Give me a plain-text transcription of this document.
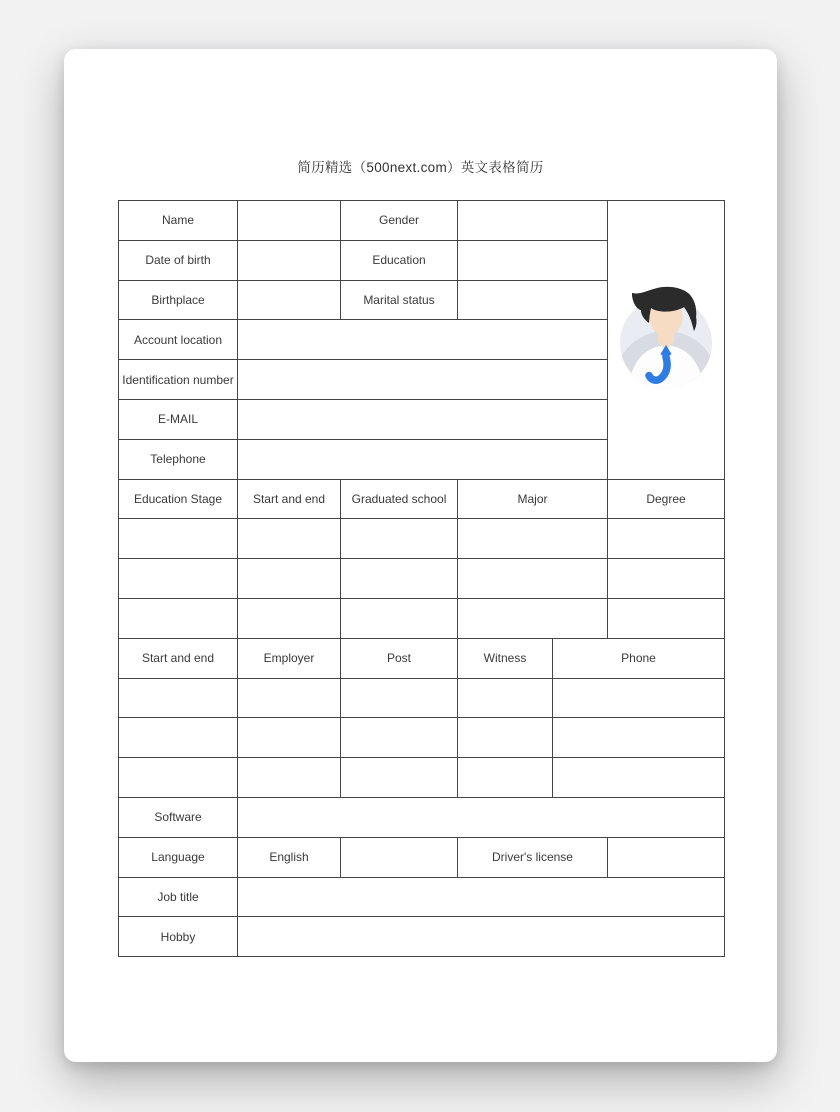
简历精选（500next.com）英文表格简历
Name		Gender		
Date of birth		Education			
Birthplace		Marital status			
Account location					
Identification number					
E-MAIL					
Telephone					
Education Stage	Start and end	Graduated school	Major		Degree

Start and end	Employer	Post	Witness	Phone	

Software					
Language	English		Driver's license		
Job title					
Hobby					
